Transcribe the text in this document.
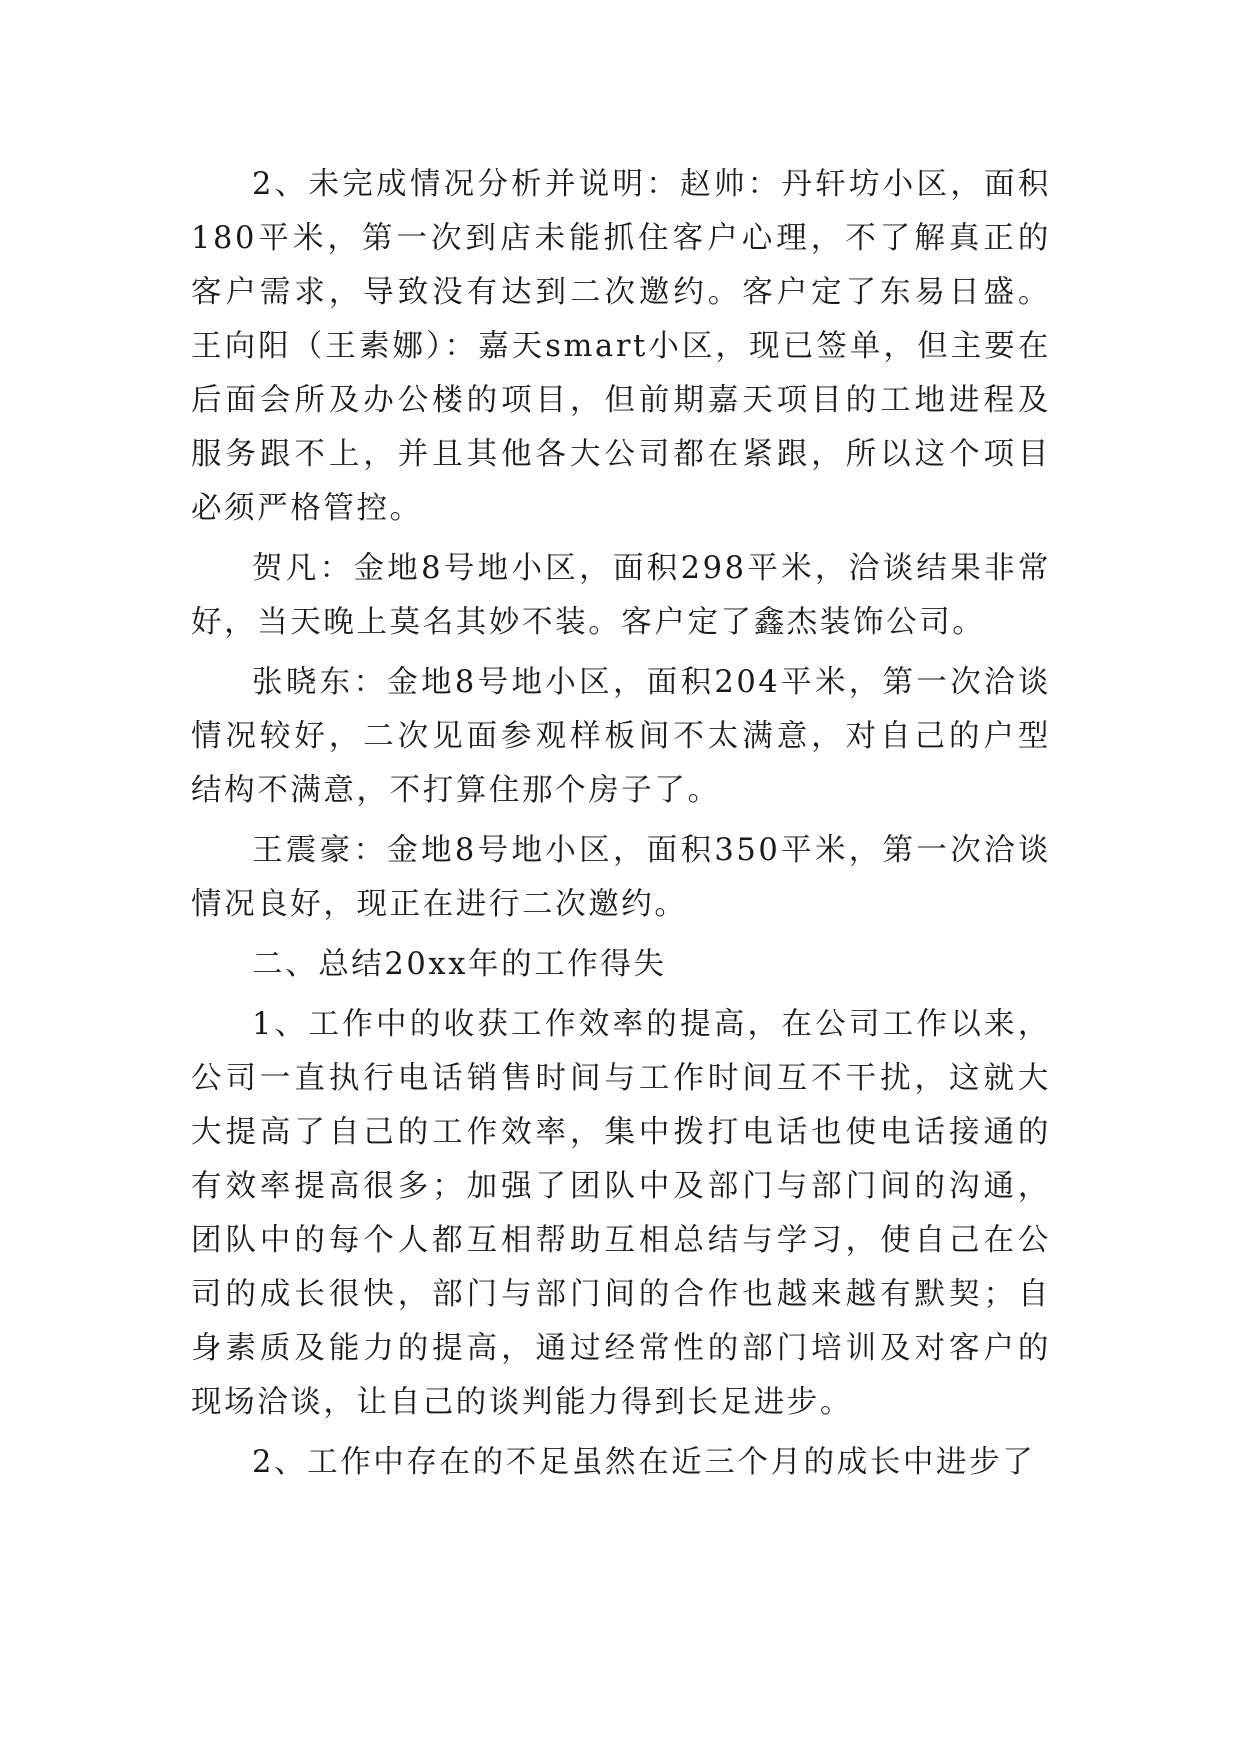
2、未完成情况分析并说明：赵帅：丹轩坊小区，面积180平米，第一次到店未能抓住客户心理，不了解真正的客户需求，导致没有达到二次邀约。客户定了东易日盛。王向阳（王素娜）：嘉天smart小区，现已签单，但主要在后面会所及办公楼的项目，但前期嘉天项目的工地进程及服务跟不上，并且其他各大公司都在紧跟，所以这个项目必须严格管控。

贺凡：金地8号地小区，面积298平米，洽谈结果非常好，当天晚上莫名其妙不装。客户定了鑫杰装饰公司。

张晓东：金地8号地小区，面积204平米，第一次洽谈情况较好，二次见面参观样板间不太满意，对自己的户型结构不满意，不打算住那个房子了。

王震豪：金地8号地小区，面积350平米，第一次洽谈情况良好，现正在进行二次邀约。

二、总结20xx年的工作得失

1、工作中的收获工作效率的提高，在公司工作以来，公司一直执行电话销售时间与工作时间互不干扰，这就大大提高了自己的工作效率，集中拨打电话也使电话接通的有效率提高很多；加强了团队中及部门与部门间的沟通，团队中的每个人都互相帮助互相总结与学习，使自己在公司的成长很快，部门与部门间的合作也越来越有默契；自身素质及能力的提高，通过经常性的部门培训及对客户的现场洽谈，让自己的谈判能力得到长足进步。

2、工作中存在的不足虽然在近三个月的成长中进步了
